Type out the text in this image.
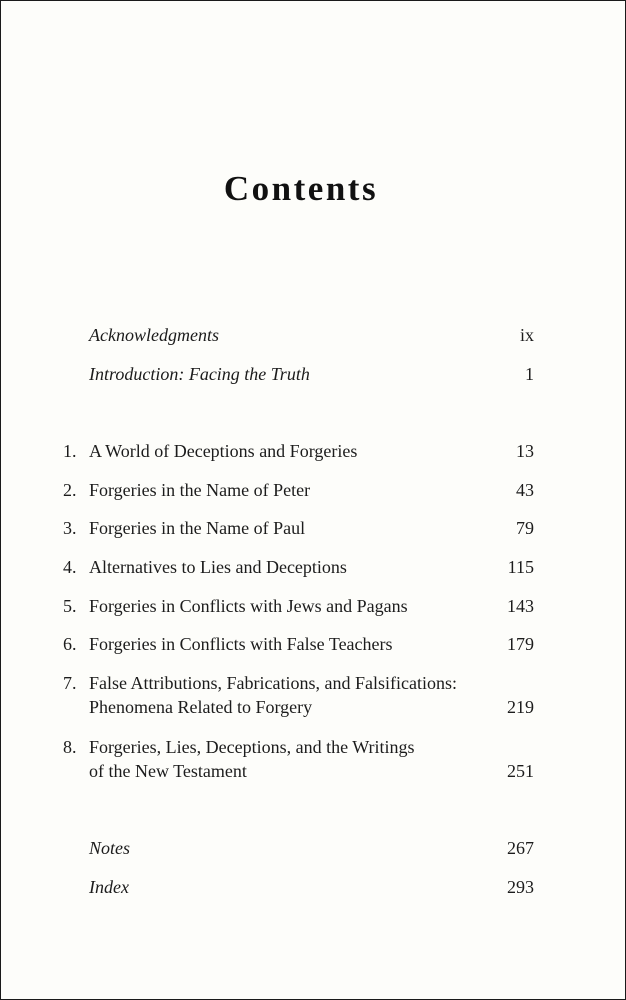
Contents
Acknowledgments	ix
Introduction: Facing the Truth	1
1. A World of Deceptions and Forgeries	13
2. Forgeries in the Name of Peter	43
3. Forgeries in the Name of Paul	79
4. Alternatives to Lies and Deceptions	115
5. Forgeries in Conflicts with Jews and Pagans	143
6. Forgeries in Conflicts with False Teachers	179
7. False Attributions, Fabrications, and Falsifications:
Phenomena Related to Forgery	219
8. Forgeries, Lies, Deceptions, and the Writings
of the New Testament	251
Notes	267
Index	293
